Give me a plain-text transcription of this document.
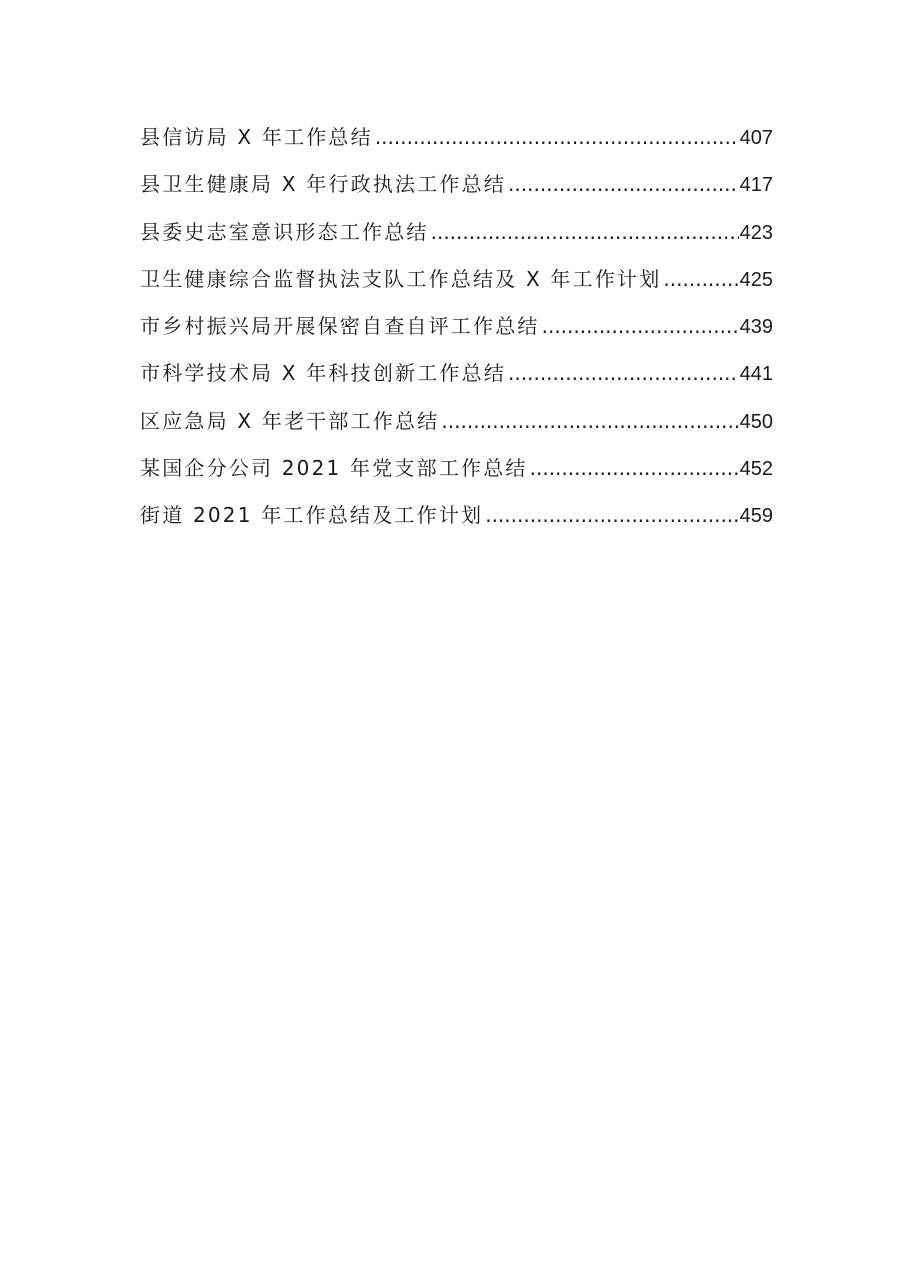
县信访局 X 年工作总结 .....	407
县卫生健康局 X 年行政执法工作总结 .....	417
县委史志室意识形态工作总结 .....	423
卫生健康综合监督执法支队工作总结及 X 年工作计划 .....	425
市乡村振兴局开展保密自查自评工作总结 .....	439
市科学技术局 X 年科技创新工作总结 .....	441
区应急局 X 年老干部工作总结 .....	450
某国企分公司 2021 年党支部工作总结 .....	452
街道 2021 年工作总结及工作计划 .....	459
